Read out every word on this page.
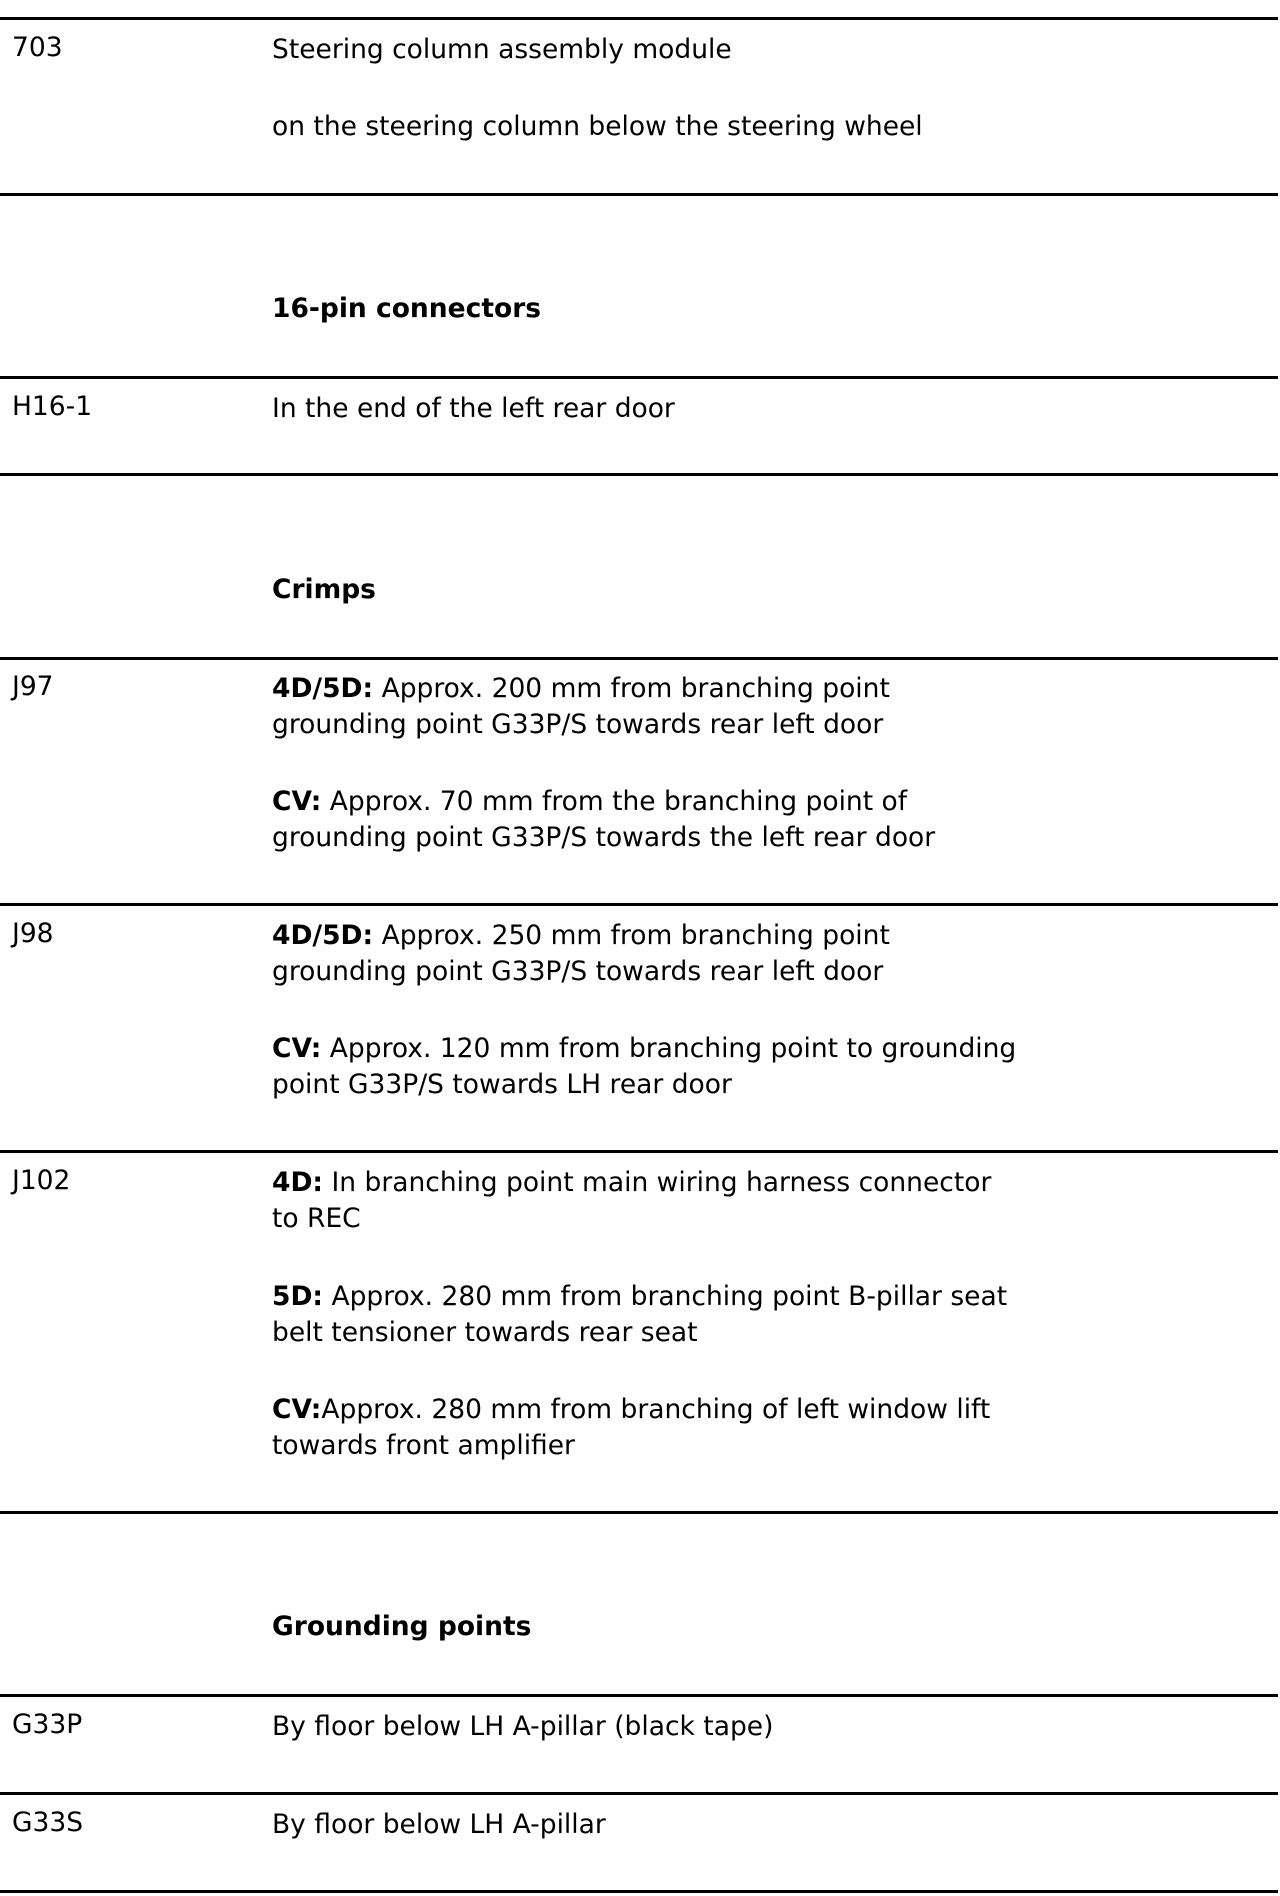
703	Steering column assembly module

on the steering column below the steering wheel

16-pin connectors
H16-1	In the end of the left rear door

Crimps
J97	4D/5D: Approx. 200 mm from branching point
grounding point G33P/S towards rear left door

CV: Approx. 70 mm from the branching point of
grounding point G33P/S towards the left rear door

J98	4D/5D: Approx. 250 mm from branching point
grounding point G33P/S towards rear left door

CV: Approx. 120 mm from branching point to grounding
point G33P/S towards LH rear door

J102	4D: In branching point main wiring harness connector
to REC

5D: Approx. 280 mm from branching point B-pillar seat
belt tensioner towards rear seat

CV:Approx. 280 mm from branching of left window lift
towards front amplifier

Grounding points
G33P	By floor below LH A-pillar (black tape)

G33S	By floor below LH A-pillar
